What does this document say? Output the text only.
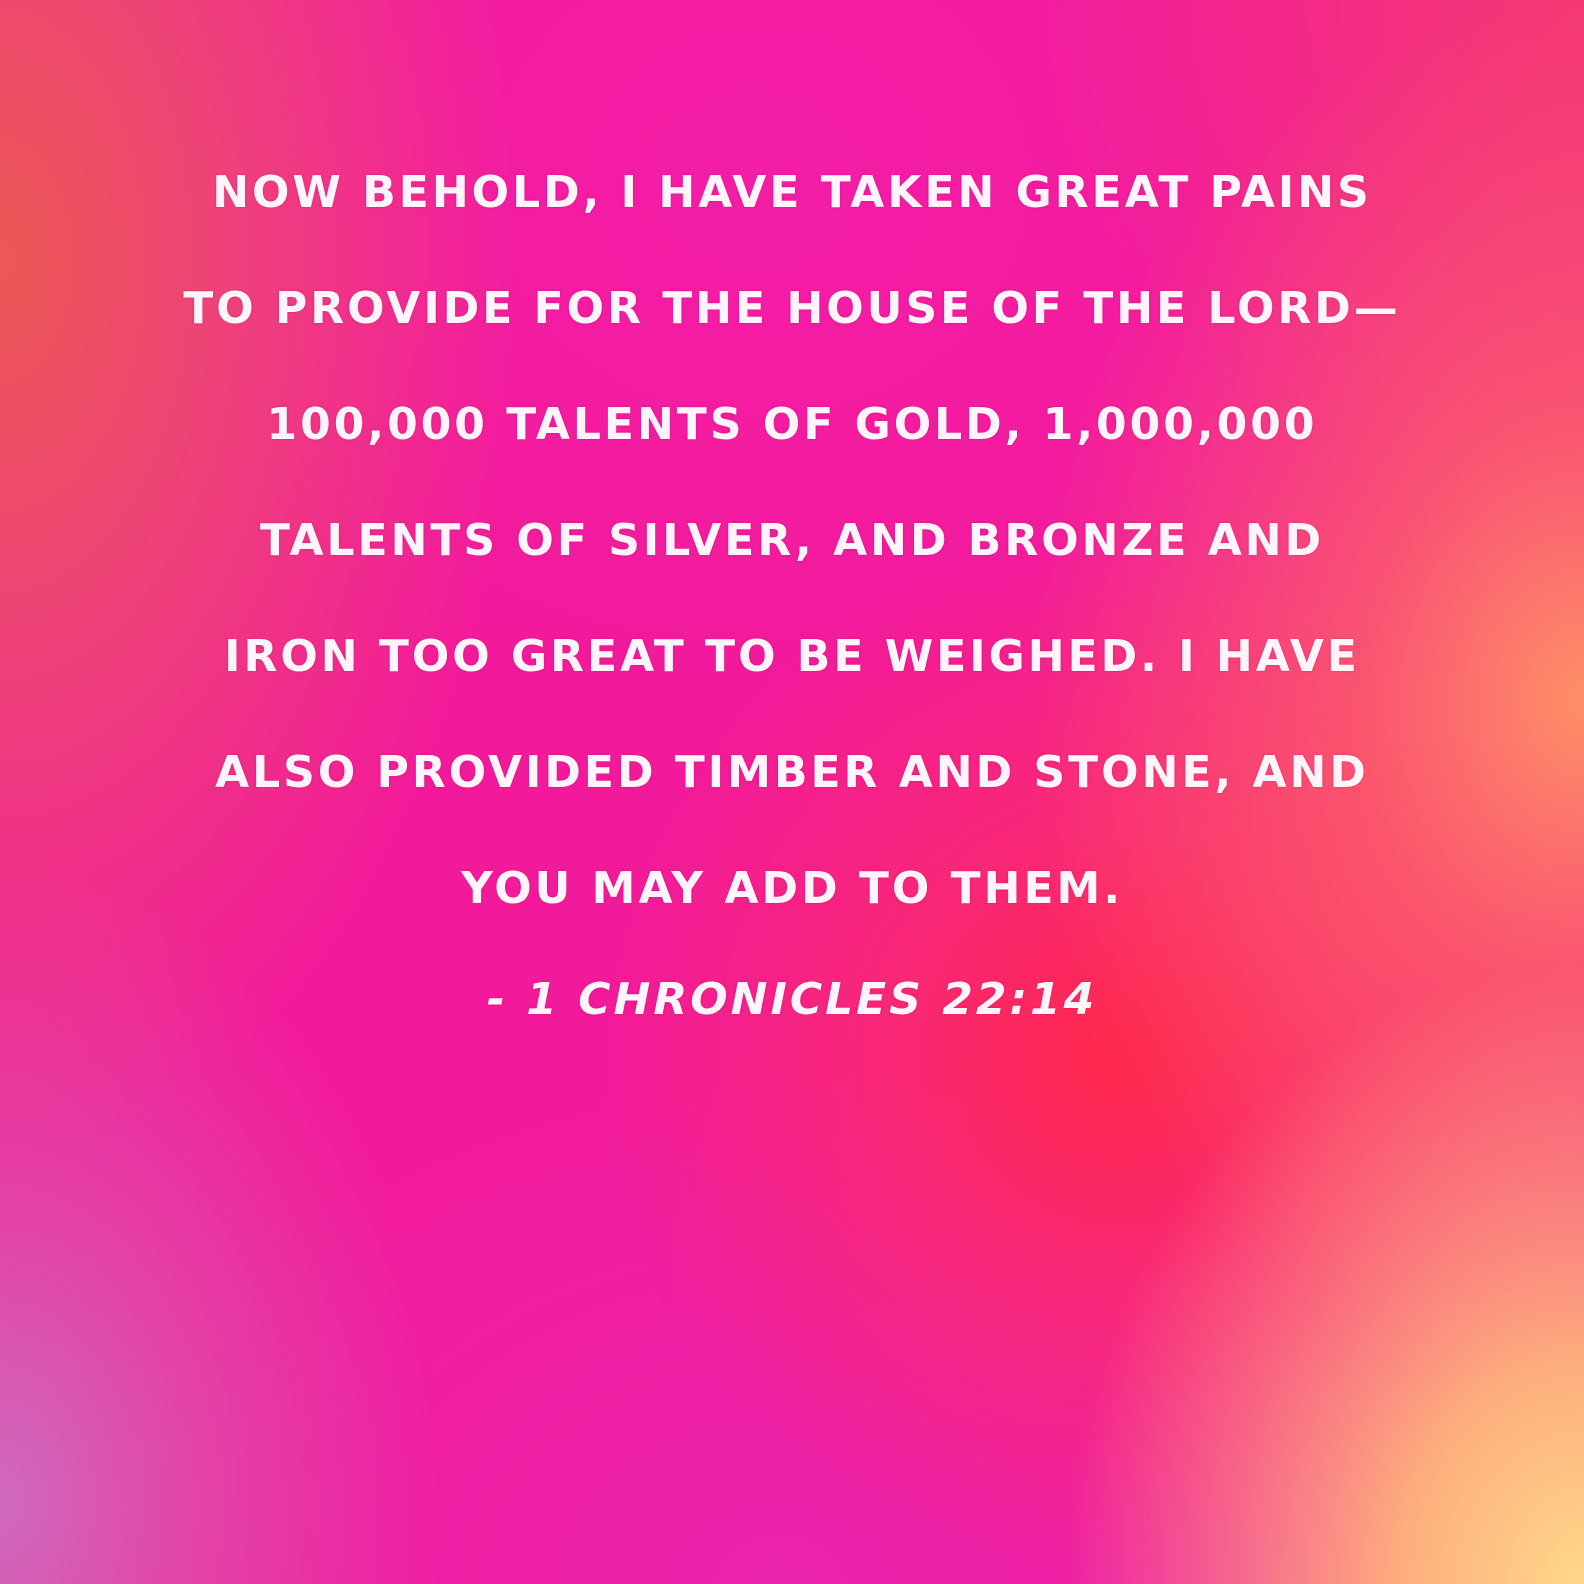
NOW BEHOLD, I HAVE TAKEN GREAT PAINS
TO PROVIDE FOR THE HOUSE OF THE LORD—
100,000 TALENTS OF GOLD, 1,000,000
TALENTS OF SILVER, AND BRONZE AND
IRON TOO GREAT TO BE WEIGHED. I HAVE
ALSO PROVIDED TIMBER AND STONE, AND
YOU MAY ADD TO THEM.
- 1 CHRONICLES 22:14
